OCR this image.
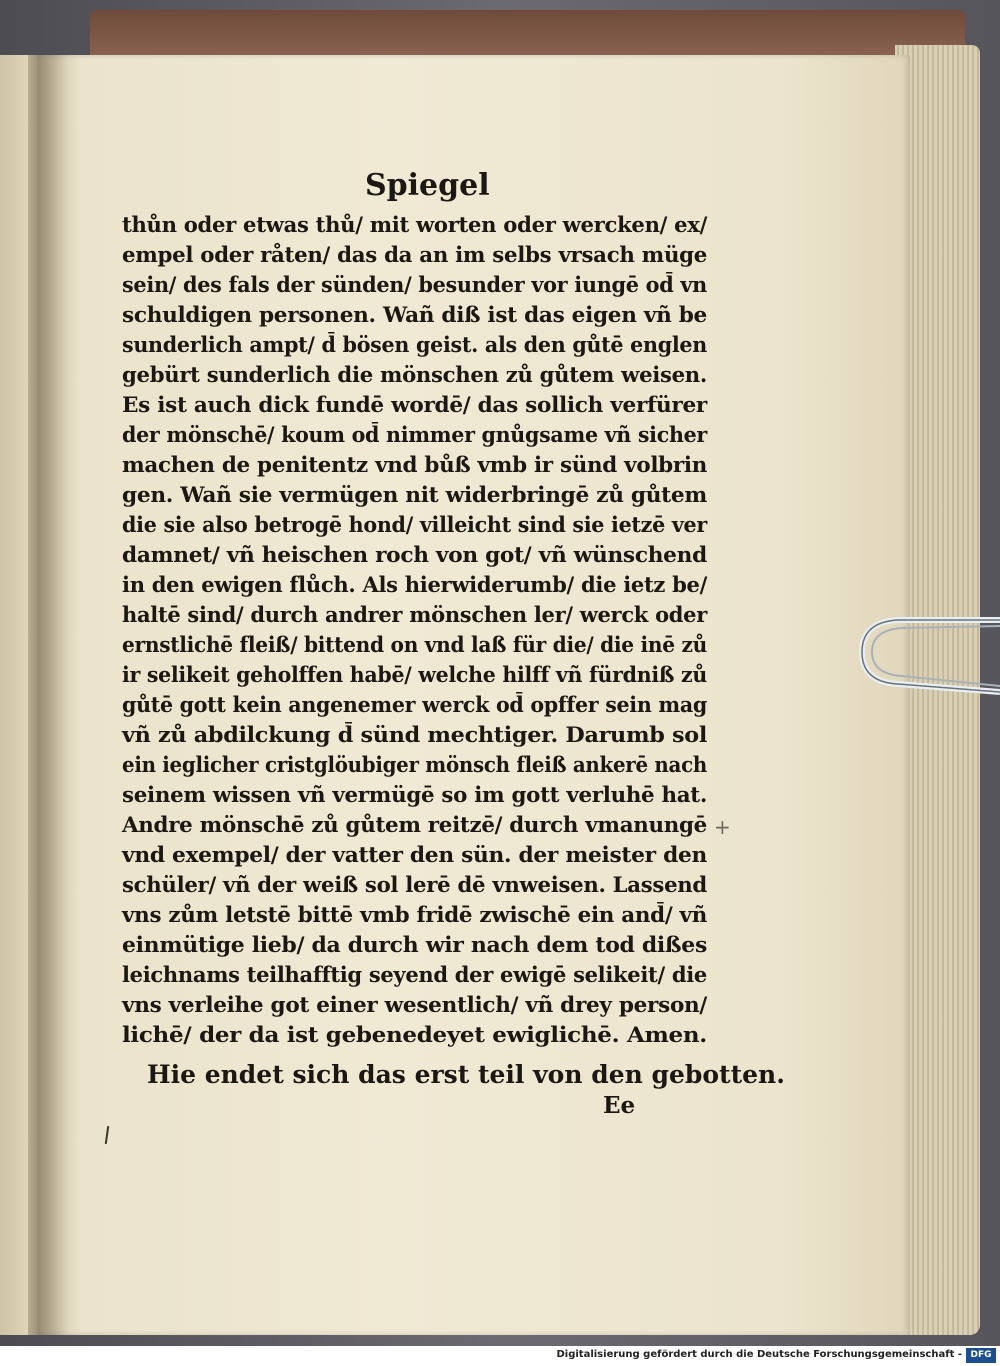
Spiegel
thůn oder etwas thů/ mit worten oder wercken/ ex/
empel oder råten/ das da an im selbs vrsach müge
sein/ des fals der sünden/ besunder vor iungē od̄ vn
schuldigen personen. Wañ diß ist das eigen vñ be
sunderlich ampt/ d̄ bösen geist. als den gůtē englen
gebürt sunderlich die mönschen zů gůtem weisen.
Es ist auch dick fundē wordē/ das sollich verfürer
der mönschē/ koum od̄ nimmer gnůgsame vñ sicher
machen de penitentz vnd bůß vmb ir sünd volbrin
gen. Wañ sie vermügen nit widerbringē zů gůtem
die sie also betrogē hond/ villeicht sind sie ietzē ver
damnet/ vñ heischen roch von got/ vñ wünschend
in den ewigen flůch. Als hierwiderumb/ die ietz be/
haltē sind/ durch andrer mönschen ler/ werck oder
ernstlichē fleiß/ bittend on vnd laß für die/ die inē zů
ir selikeit geholffen habē/ welche hilff vñ fürdniß zů
gůtē gott kein angenemer werck od̄ opffer sein mag
vñ zů abdilckung d̄ sünd mechtiger. Darumb sol
ein ieglicher cristglöubiger mönsch fleiß ankerē nach
seinem wissen vñ vermügē so im gott verluhē hat.
Andre mönschē zů gůtem reitzē/ durch vmanungē
vnd exempel/ der vatter den sün. der meister den
schüler/ vñ der weiß sol lerē dē vnweisen. Lassend
vns zům letstē bittē vmb fridē zwischē ein and̄/ vñ
einmütige lieb/ da durch wir nach dem tod dißes
leichnams teilhafftig seyend der ewigē selikeit/ die
vns verleihe got einer wesentlich/ vñ drey person/
lichē/ der da ist gebenedeyet ewiglichē. Amen.
Hie endet sich das erst teil von den gebotten.
Ee
+
Digitalisierung gefördert durch die Deutsche Forschungsgemeinschaft - DFG
